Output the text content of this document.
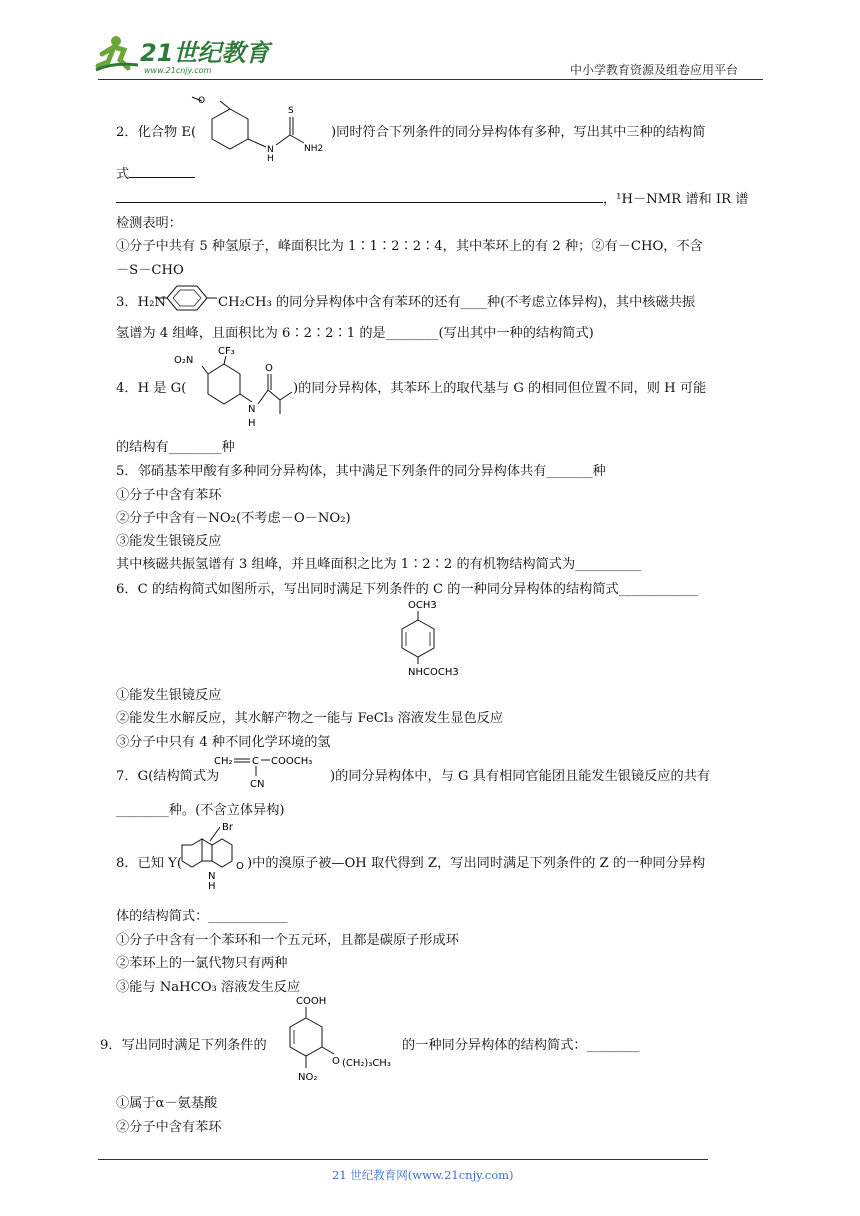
21世纪教育
www.21cnjy.com	中小学教育资源及组卷应用平台
2．化合物 E(
O
N
H
S
NH2
)同时符合下列条件的同分异构体有多种，写出其中三种的结构简
式
，¹H－NMR 谱和 IR 谱
检测表明：
①分子中共有 5 种氢原子，峰面积比为 1∶1∶2∶2∶4，其中苯环上的有 2 种；②有－CHO，不含
－S－CHO
3．H₂N	CH₂CH₃ 的同分异构体中含有苯环的还有____种(不考虑立体异构)，其中核磁共振
氢谱为 4 组峰，且面积比为 6∶2∶2∶1 的是________(写出其中一种的结构简式)
4．H 是 G(
O₂N
CF₃
N
H
O
)的同分异构体，其苯环上的取代基与 G 的相同但位置不同，则 H 可能
的结构有________种
5．邻硝基苯甲酸有多种同分异构体，其中满足下列条件的同分异构体共有_______种
①分子中含有苯环
②分子中含有－NO₂(不考虑－O－NO₂)
③能发生银镜反应
其中核磁共振氢谱有 3 组峰，并且峰面积之比为 1∶2∶2 的有机物结构简式为__________
6．C 的结构简式如图所示，写出同时满足下列条件的 C 的一种同分异构体的结构简式____________
OCH3
NHCOCH3
①能发生银镜反应
②能发生水解反应，其水解产物之一能与 FeCl₃ 溶液发生显色反应
③分子中只有 4 种不同化学环境的氢
7．G(结构简式为
CH₂ C COOCH₃
CN
)的同分异构体中，与 G 具有相同官能团且能发生银镜反应的共有
________种。(不含立体异构)
8．已知 Y(
Br
N
H
O )中的溴原子被—OH 取代得到 Z，写出同时满足下列条件的 Z 的一种同分异构
体的结构简式：____________
①分子中含有一个苯环和一个五元环，且都是碳原子形成环
②苯环上的一氯代物只有两种
③能与 NaHCO₃ 溶液发生反应
9．写出同时满足下列条件的
COOH
O (CH₂)₃CH₃
NO₂
的一种同分异构体的结构简式：________
①属于α－氨基酸
②分子中含有苯环
21 世纪教育网(www.21cnjy.com)
